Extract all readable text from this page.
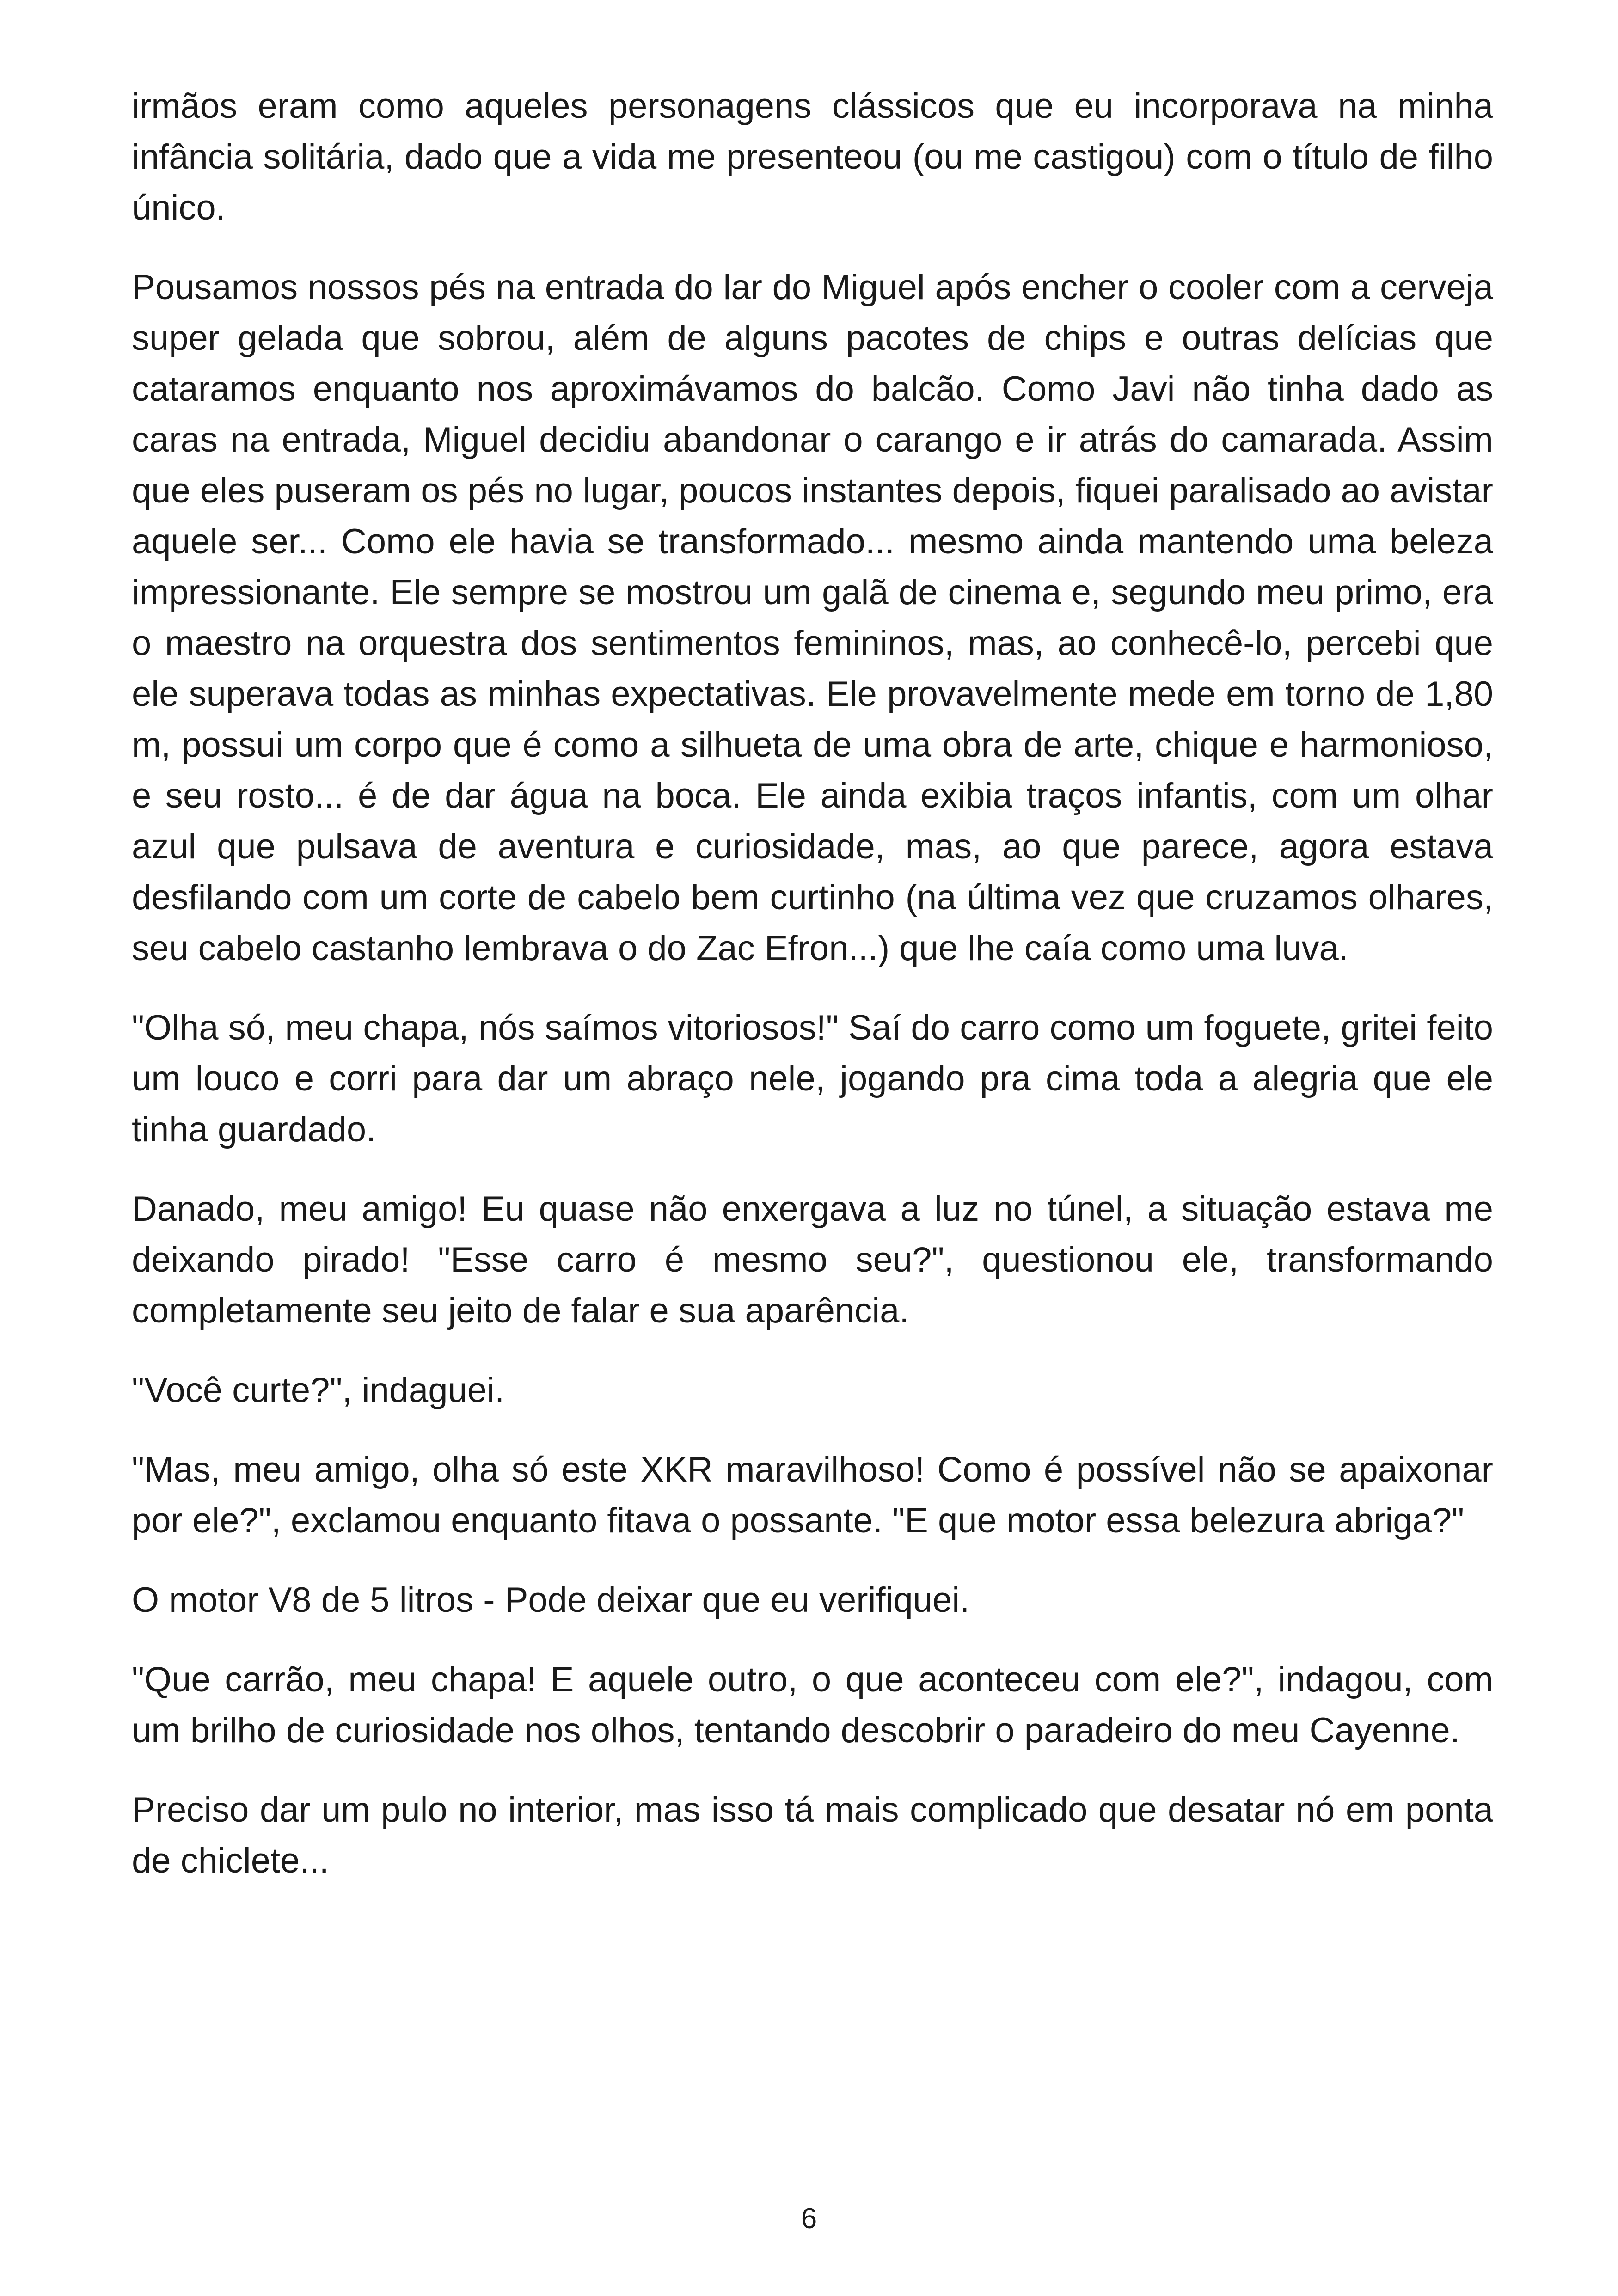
irmãos eram como aqueles personagens clássicos que eu incorporava na minha infância solitária, dado que a vida me presenteou (ou me castigou) com o título de filho único.

Pousamos nossos pés na entrada do lar do Miguel após encher o cooler com a cerveja super gelada que sobrou, além de alguns pacotes de chips e outras delícias que cataramos enquanto nos aproximávamos do balcão. Como Javi não tinha dado as caras na entrada, Miguel decidiu abandonar o carango e ir atrás do camarada. Assim que eles puseram os pés no lugar, poucos instantes depois, fiquei paralisado ao avistar aquele ser... Como ele havia se transformado... mesmo ainda mantendo uma beleza impressionante. Ele sempre se mostrou um galã de cinema e, segundo meu primo, era o maestro na orquestra dos sentimentos femininos, mas, ao conhecê-lo, percebi que ele superava todas as minhas expectativas. Ele provavelmente mede em torno de 1,80 m, possui um corpo que é como a silhueta de uma obra de arte, chique e harmonioso, e seu rosto... é de dar água na boca. Ele ainda exibia traços infantis, com um olhar azul que pulsava de aventura e curiosidade, mas, ao que parece, agora estava desfilando com um corte de cabelo bem curtinho (na última vez que cruzamos olhares, seu cabelo castanho lembrava o do Zac Efron...) que lhe caía como uma luva.

"Olha só, meu chapa, nós saímos vitoriosos!" Saí do carro como um foguete, gritei feito um louco e corri para dar um abraço nele, jogando pra cima toda a alegria que ele tinha guardado.

Danado, meu amigo! Eu quase não enxergava a luz no túnel, a situação estava me deixando pirado! "Esse carro é mesmo seu?", questionou ele, transformando completamente seu jeito de falar e sua aparência.

"Você curte?", indaguei.

"Mas, meu amigo, olha só este XKR maravilhoso! Como é possível não se apaixonar por ele?", exclamou enquanto fitava o possante. "E que motor essa belezura abriga?"

O motor V8 de 5 litros - Pode deixar que eu verifiquei.

"Que carrão, meu chapa! E aquele outro, o que aconteceu com ele?", indagou, com um brilho de curiosidade nos olhos, tentando descobrir o paradeiro do meu Cayenne.

Preciso dar um pulo no interior, mas isso tá mais complicado que desatar nó em ponta de chiclete...

6
